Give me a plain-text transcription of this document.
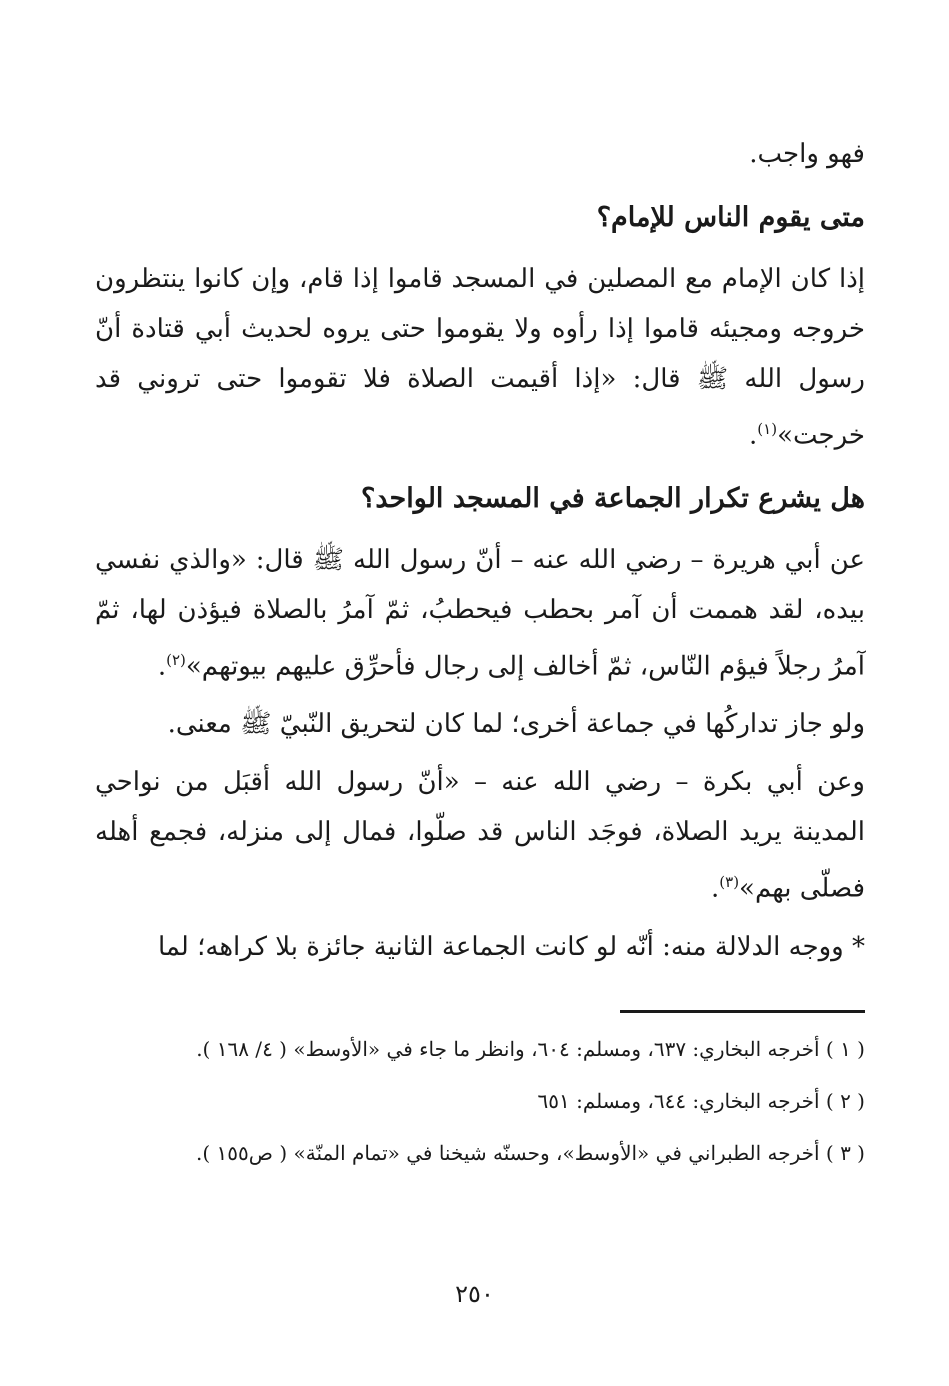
فهو واجب.

متى يقوم الناس للإمام؟

إذا كان الإمام مع المصلين في المسجد قاموا إذا قام، وإن كانوا ينتظرون خروجه ومجيئه قاموا إذا رأوه ولا يقوموا حتى يروه لحديث أبي قتادة أنّ رسول الله ﷺ قال: «إذا أقيمت الصلاة فلا تقوموا حتى تروني قد خرجت»$^{(١)}$.

هل يشرع تكرار الجماعة في المسجد الواحد؟

عن أبي هريرة – رضي الله عنه – أنّ رسول الله ﷺ قال: «والذي نفسي بيده، لقد هممت أن آمر بحطب فيحطبُ، ثمّ آمرُ بالصلاة فيؤذن لها، ثمّ آمرُ رجلاً فيؤم النّاس، ثمّ أخالف إلى رجال فأحرِّق عليهم بيوتهم»$^{(٢)}$.

ولو جاز تداركُها في جماعة أخرى؛ لما كان لتحريق النّبيّ ﷺ معنى.

وعن أبي بكرة – رضي الله عنه – «أنّ رسول الله أقبَل من نواحي المدينة يريد الصلاة، فوجَد الناس قد صلّوا، فمال إلى منزله، فجمع أهله فصلّى بهم»$^{(٣)}$.

* ووجه الدلالة منه: أنّه لو كانت الجماعة الثانية جائزة بلا كراهه؛ لما

( ١ ) أخرجه البخاري: ٦٣٧، ومسلم: ٦٠٤، وانظر ما جاء في «الأوسط» ( ٤/ ١٦٨ ).

( ٢ ) أخرجه البخاري: ٦٤٤، ومسلم: ٦٥١

( ٣ ) أخرجه الطبراني في «الأوسط»، وحسنّه شيخنا في «تمام المنّة» ( ص١٥٥ ).

٢٥٠
